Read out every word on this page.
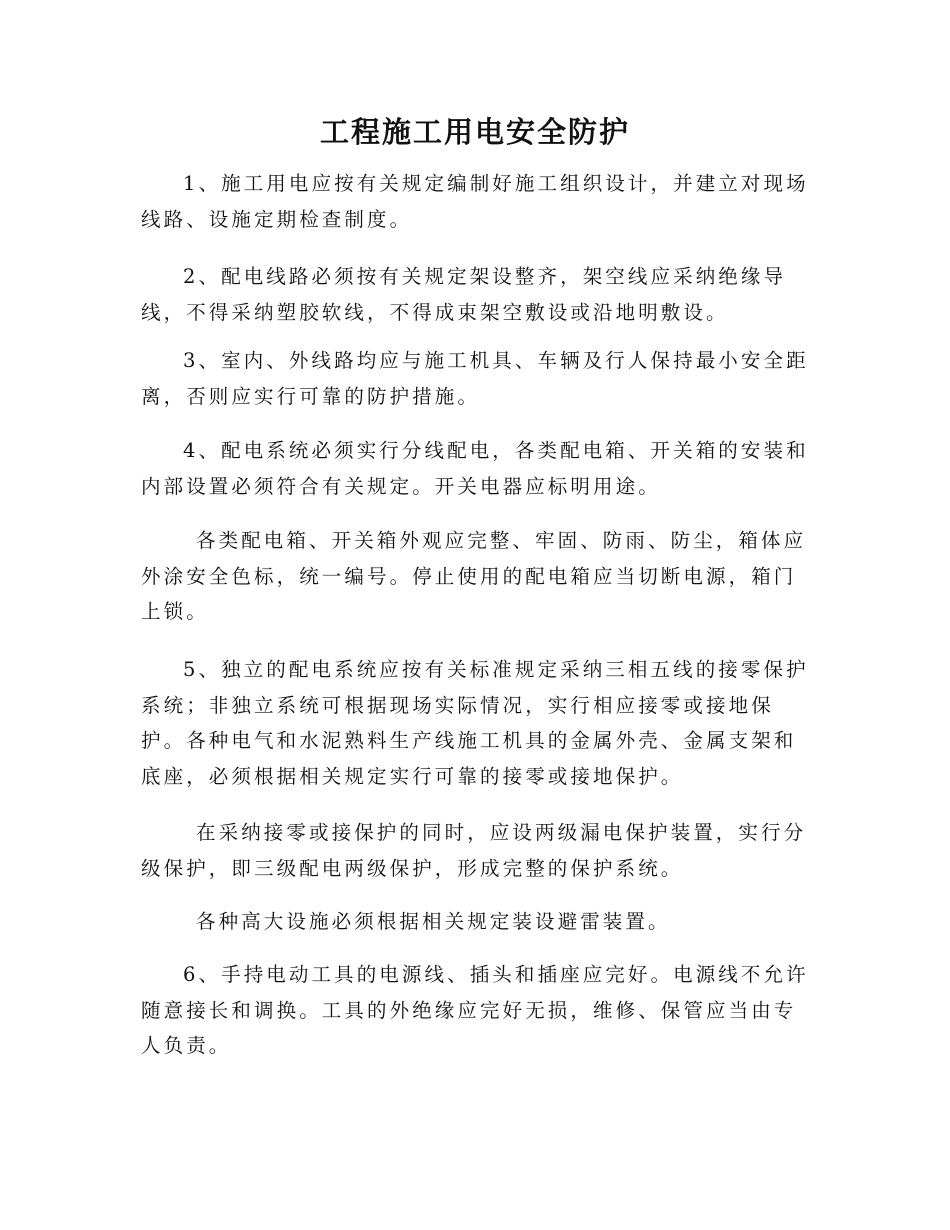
工程施工用电安全防护

1、施工用电应按有关规定编制好施工组织设计，并建立对现场线路、设施定期检查制度。

2、配电线路必须按有关规定架设整齐，架空线应采纳绝缘导线，不得采纳塑胶软线，不得成束架空敷设或沿地明敷设。

3、室内、外线路均应与施工机具、车辆及行人保持最小安全距离，否则应实行可靠的防护措施。

4、配电系统必须实行分线配电，各类配电箱、开关箱的安装和内部设置必须符合有关规定。开关电器应标明用途。

各类配电箱、开关箱外观应完整、牢固、防雨、防尘，箱体应外涂安全色标，统一编号。停止使用的配电箱应当切断电源，箱门上锁。

5、独立的配电系统应按有关标准规定采纳三相五线的接零保护系统；非独立系统可根据现场实际情况，实行相应接零或接地保护。各种电气和水泥熟料生产线施工机具的金属外壳、金属支架和底座，必须根据相关规定实行可靠的接零或接地保护。

在采纳接零或接保护的同时，应设两级漏电保护装置，实行分级保护，即三级配电两级保护，形成完整的保护系统。

各种高大设施必须根据相关规定装设避雷装置。

6、手持电动工具的电源线、插头和插座应完好。电源线不允许随意接长和调换。工具的外绝缘应完好无损，维修、保管应当由专人负责。
